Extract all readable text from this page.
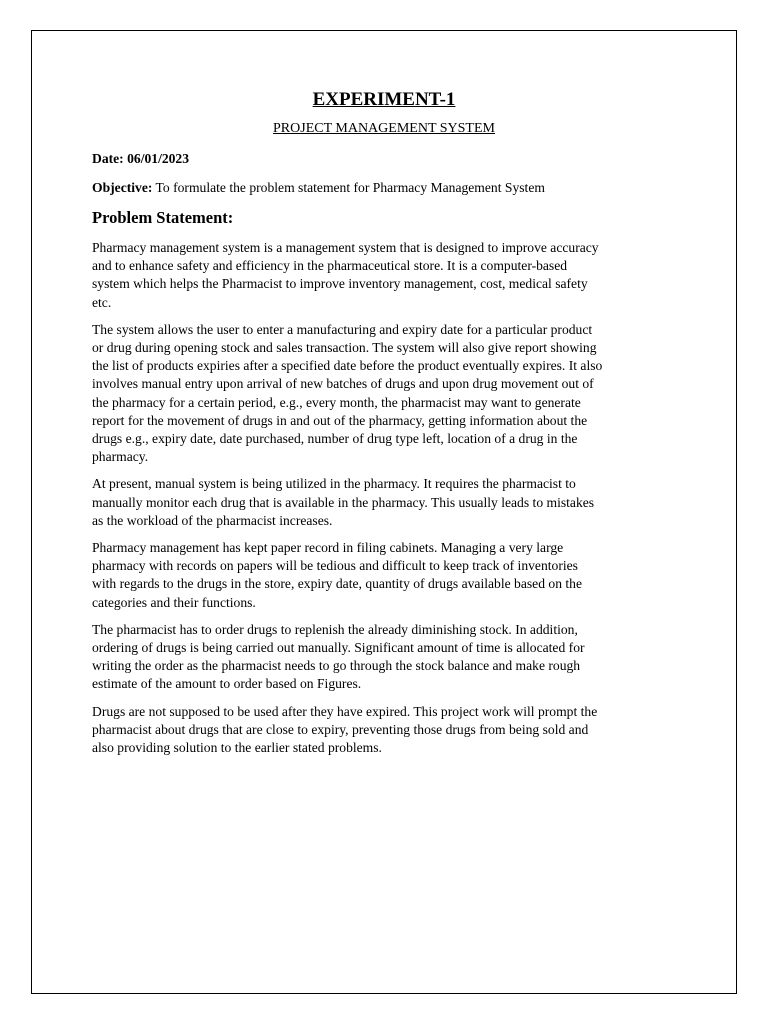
EXPERIMENT-1

PROJECT MANAGEMENT SYSTEM

Date: 06/01/2023

Objective: To formulate the problem statement for Pharmacy Management System

Problem Statement:

Pharmacy management system is a management system that is designed to improve accuracy
and to enhance safety and efficiency in the pharmaceutical store. It is a computer-based
system which helps the Pharmacist to improve inventory management, cost, medical safety
etc.

The system allows the user to enter a manufacturing and expiry date for a particular product
or drug during opening stock and sales transaction. The system will also give report showing
the list of products expiries after a specified date before the product eventually expires. It also
involves manual entry upon arrival of new batches of drugs and upon drug movement out of
the pharmacy for a certain period, e.g., every month, the pharmacist may want to generate
report for the movement of drugs in and out of the pharmacy, getting information about the
drugs e.g., expiry date, date purchased, number of drug type left, location of a drug in the
pharmacy.

At present, manual system is being utilized in the pharmacy. It requires the pharmacist to
manually monitor each drug that is available in the pharmacy. This usually leads to mistakes
as the workload of the pharmacist increases.

Pharmacy management has kept paper record in filing cabinets. Managing a very large
pharmacy with records on papers will be tedious and difficult to keep track of inventories
with regards to the drugs in the store, expiry date, quantity of drugs available based on the
categories and their functions.

The pharmacist has to order drugs to replenish the already diminishing stock. In addition,
ordering of drugs is being carried out manually. Significant amount of time is allocated for
writing the order as the pharmacist needs to go through the stock balance and make rough
estimate of the amount to order based on Figures.

Drugs are not supposed to be used after they have expired. This project work will prompt the
pharmacist about drugs that are close to expiry, preventing those drugs from being sold and
also providing solution to the earlier stated problems.
